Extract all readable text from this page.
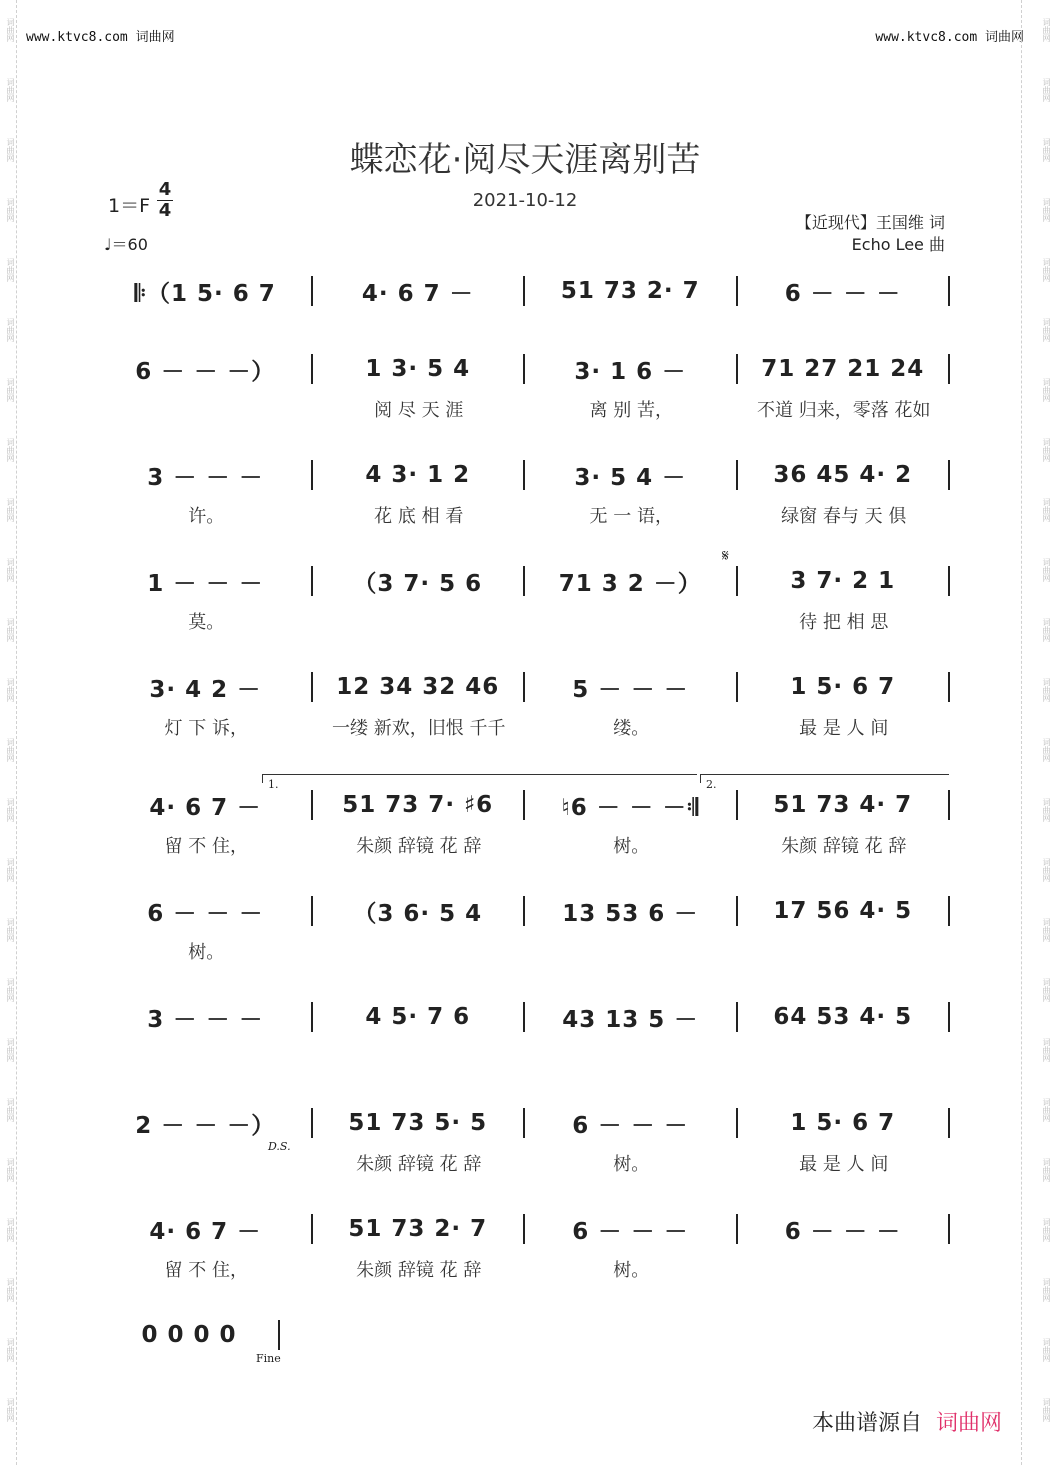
www.ktvc8.com 词曲网	www.ktvc8.com 词曲网
词曲网
词曲网
词曲网
词曲网
词曲网
词曲网
词曲网
词曲网
词曲网
词曲网
词曲网
词曲网
词曲网
词曲网
词曲网
词曲网
词曲网
词曲网
词曲网
词曲网
词曲网
词曲网
词曲网
词曲网
词曲网
词曲网
词曲网
词曲网
词曲网
词曲网
词曲网
词曲网
词曲网
词曲网
词曲网
词曲网
词曲网
词曲网
词曲网
词曲网
词曲网
词曲网
词曲网
词曲网
词曲网
词曲网
词曲网
词曲网
蝶恋花·阅尽天涯离别苦
2021-10-12
1＝F
4
4
♩＝60
【近现代】王国维 词
Echo Lee 曲
𝄆（1 5· 6 7	4· 6 7 －	51 73 2· 7	6 － － －
6 － － －）	1 3· 5 4	3· 1 6 －	71 27 21 24
阅 尽 天 涯	离 别 苦，	不道 归来，零落 花如
3 － － －	4 3· 1 2	3· 5 4 －	36 45 4· 2
许。	花 底 相 看	无 一 语，	绿窗 春与 天 俱
1 － － －	（3 7· 5 6	71 3 2 －）	3 7· 2 1
莫。	待 把 相 思
3· 4 2 －	12 34 32 46	5 － － －	1 5· 6 7
灯 下 诉，	一缕 新欢，旧恨 千千	缕。	最 是 人 间
4· 6 7 －	51 73 7· ♯6	♮6 － － －𝄇	51 73 4· 7
留 不 住，	朱颜 辞镜 花 辞	树。	朱颜 辞镜 花 辞
6 － － －	（3 6· 5 4	13 53 6 －	17 56 4· 5
树。
3 － － －	4 5· 7 6	43 13 5 －	64 53 4· 5
2 － － －）	51 73 5· 5	6 － － －	1 5· 6 7
朱颜 辞镜 花 辞	树。	最 是 人 间
4· 6 7 －	51 73 2· 7	6 － － －	6 － － －
留 不 住，	朱颜 辞镜 花 辞	树。
0 0 0 0
1.	2.
𝄋
D.S.
Fine
本曲谱源自 词曲网
